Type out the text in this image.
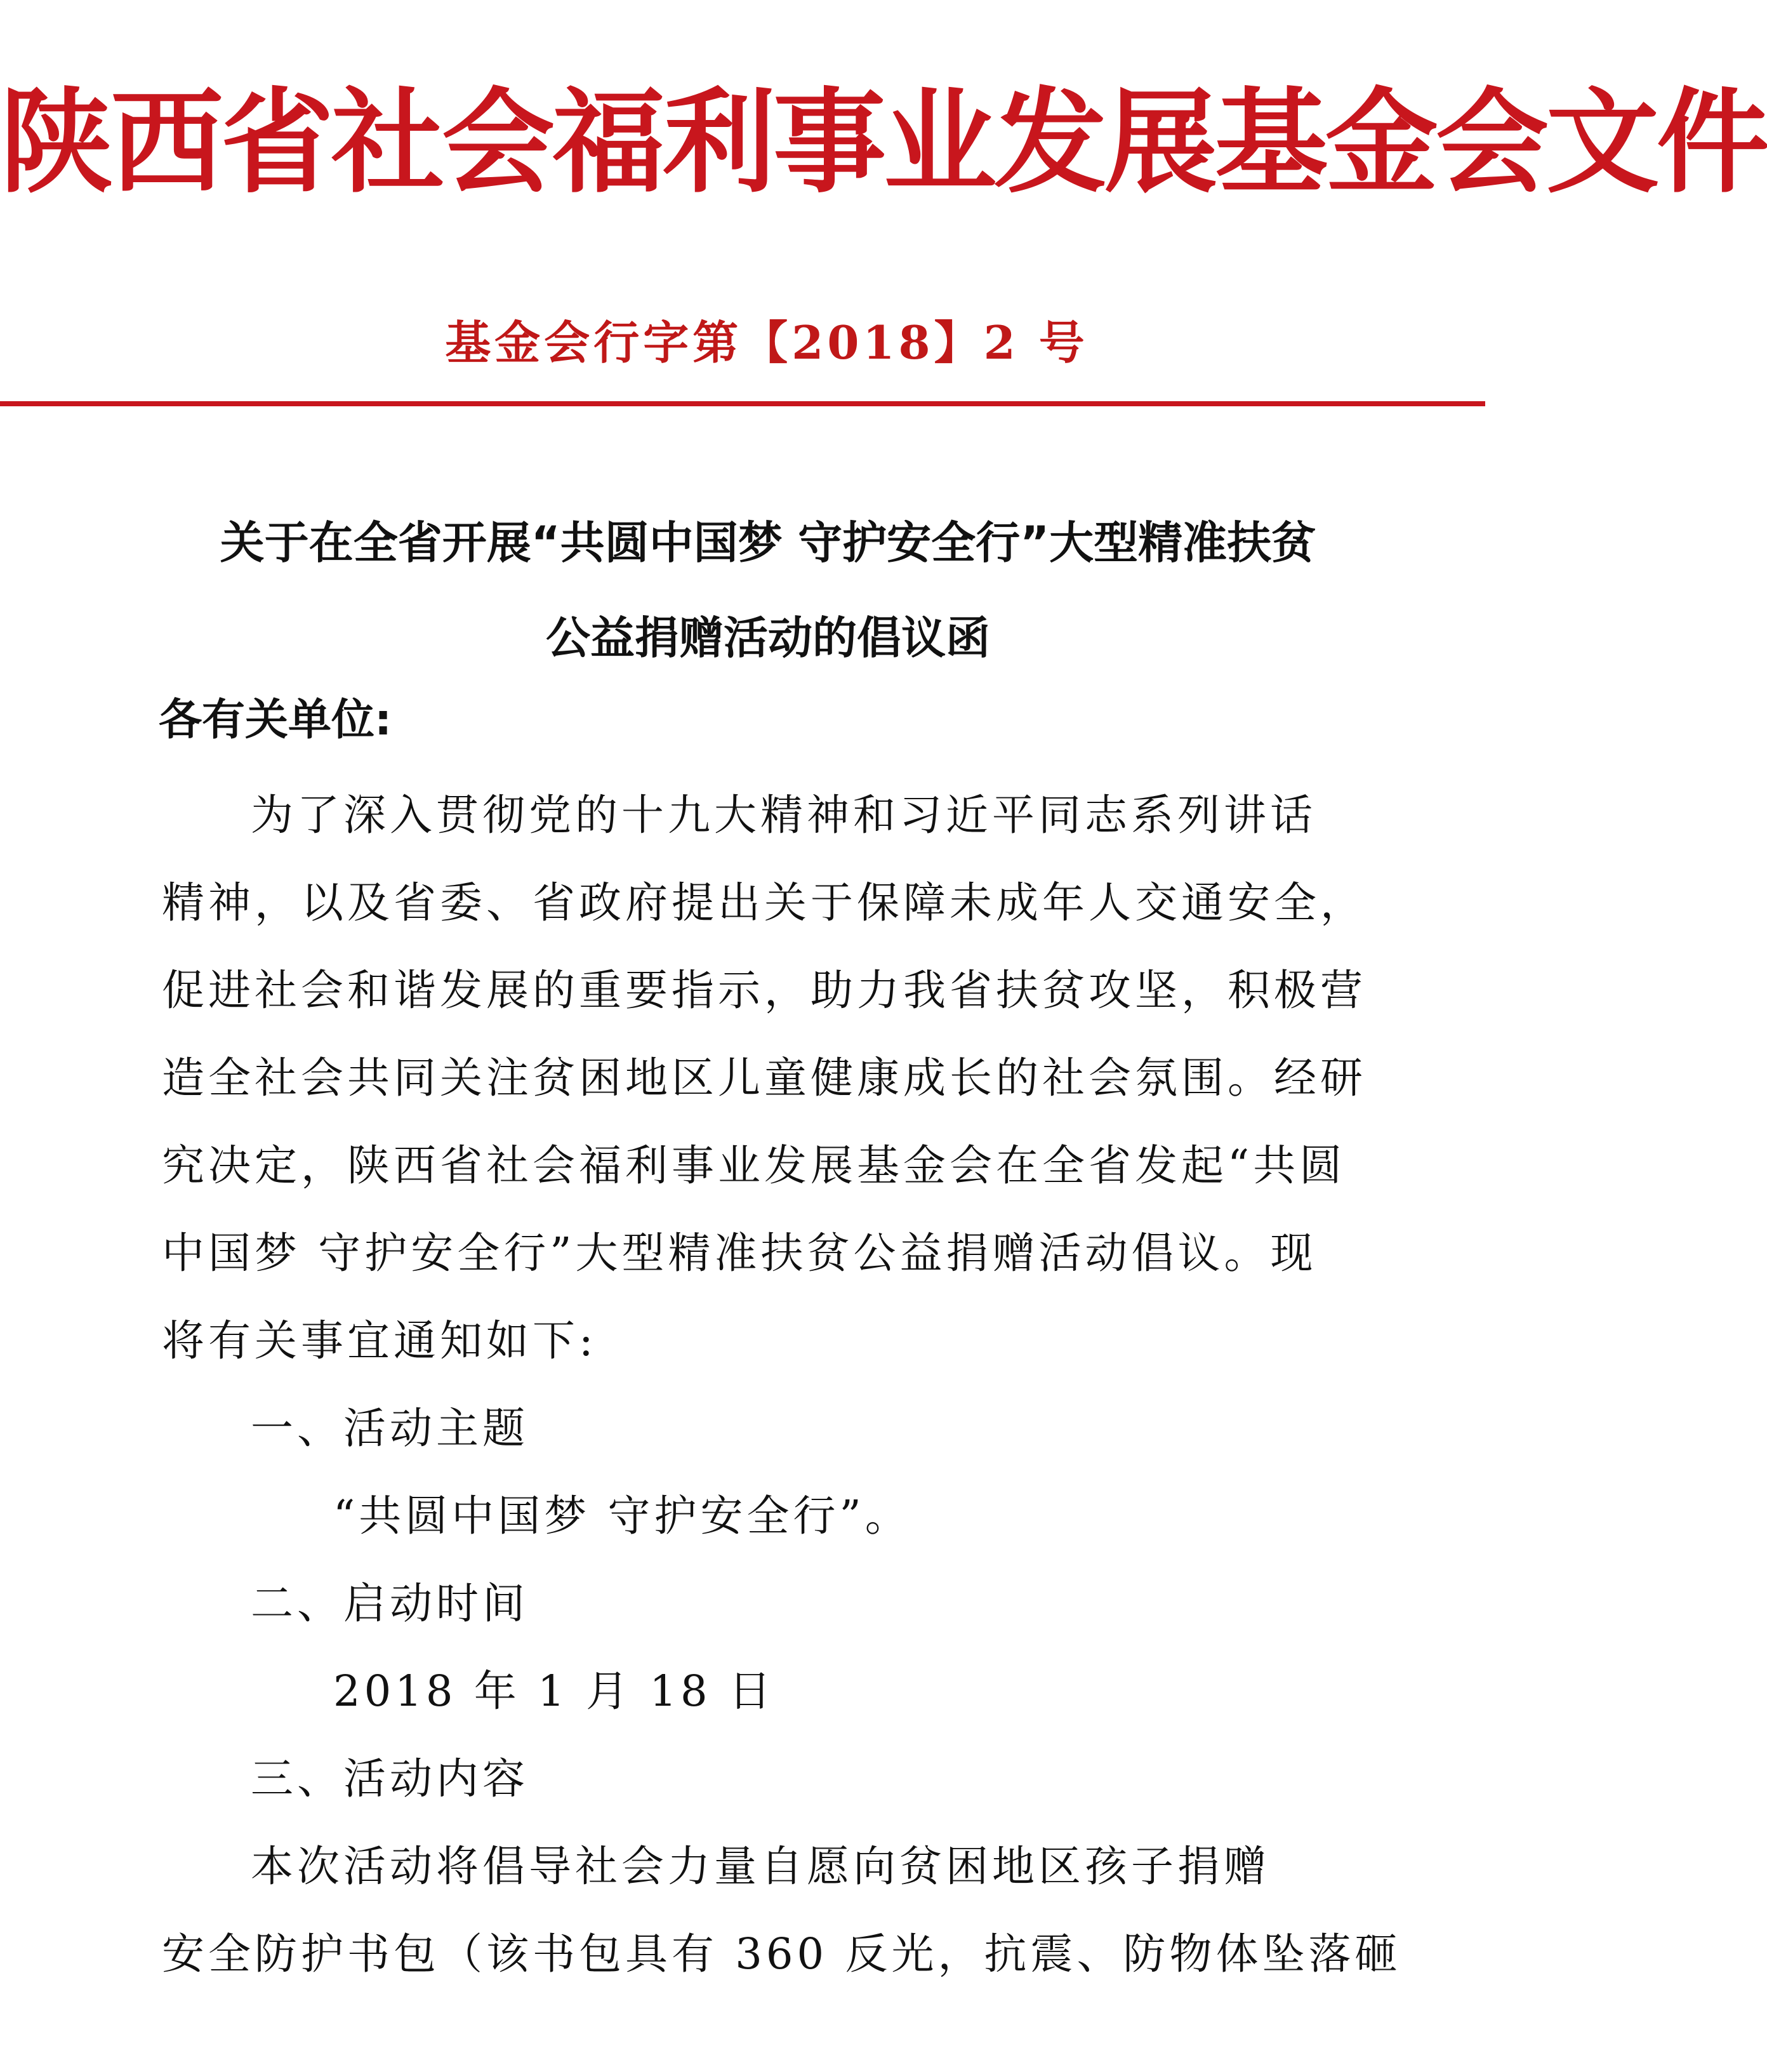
陕西省社会福利事业发展基金会文件
基金会行字第【2018】2 号
关于在全省开展“共圆中国梦 守护安全行”大型精准扶贫
公益捐赠活动的倡议函
各有关单位:
为了深入贯彻党的十九大精神和习近平同志系列讲话
精神，以及省委、省政府提出关于保障未成年人交通安全，
促进社会和谐发展的重要指示，助力我省扶贫攻坚，积极营
造全社会共同关注贫困地区儿童健康成长的社会氛围。经研
究决定，陕西省社会福利事业发展基金会在全省发起“共圆
中国梦 守护安全行”大型精准扶贫公益捐赠活动倡议。现
将有关事宜通知如下:
一、活动主题
“共圆中国梦 守护安全行”。
二、启动时间
2018 年 1 月 18 日
三、活动内容
本次活动将倡导社会力量自愿向贫困地区孩子捐赠
安全防护书包（该书包具有 360 反光，抗震、防物体坠落砸
